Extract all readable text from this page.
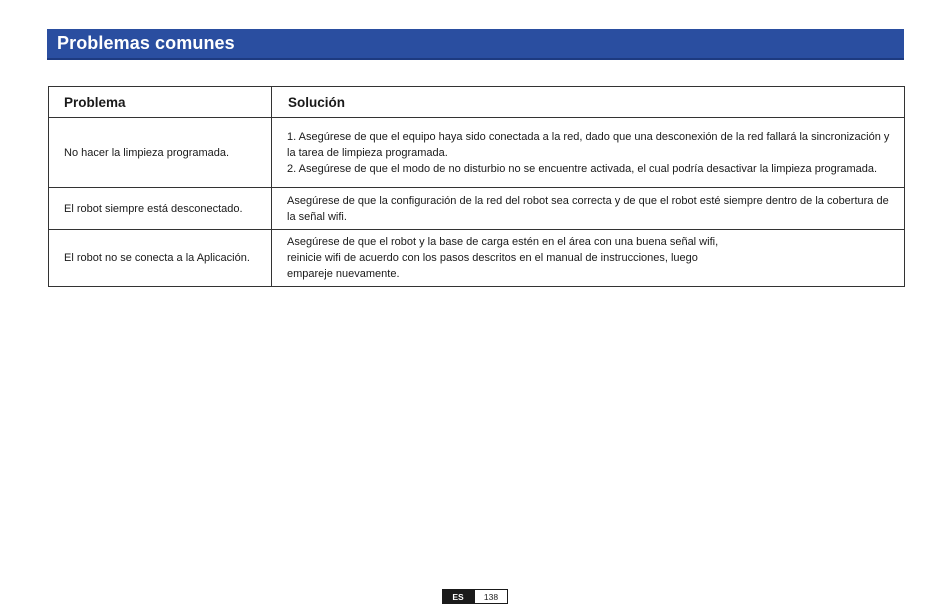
Problemas comunes
Problema	Solución
No hacer la limpieza programada.	1. Asegúrese de que el equipo haya sido conectada a la red, dado que una desconexión de la red fallará la sincronización y la tarea de limpieza programada.
2. Asegúrese de que el modo de no disturbio no se encuentre activada, el cual podría desactivar la limpieza programada.

El robot siempre está desconectado.	Asegúrese de que la configuración de la red del robot sea correcta y de que el robot esté siempre dentro de la cobertura de la señal wifi.

El robot no se conecta a la Aplicación.	Asegúrese de que el robot y la base de carga estén en el área con una buena señal wifi,
reinicie wifi de acuerdo con los pasos descritos en el manual de instrucciones, luego
empareje nuevamente.
ES	138
